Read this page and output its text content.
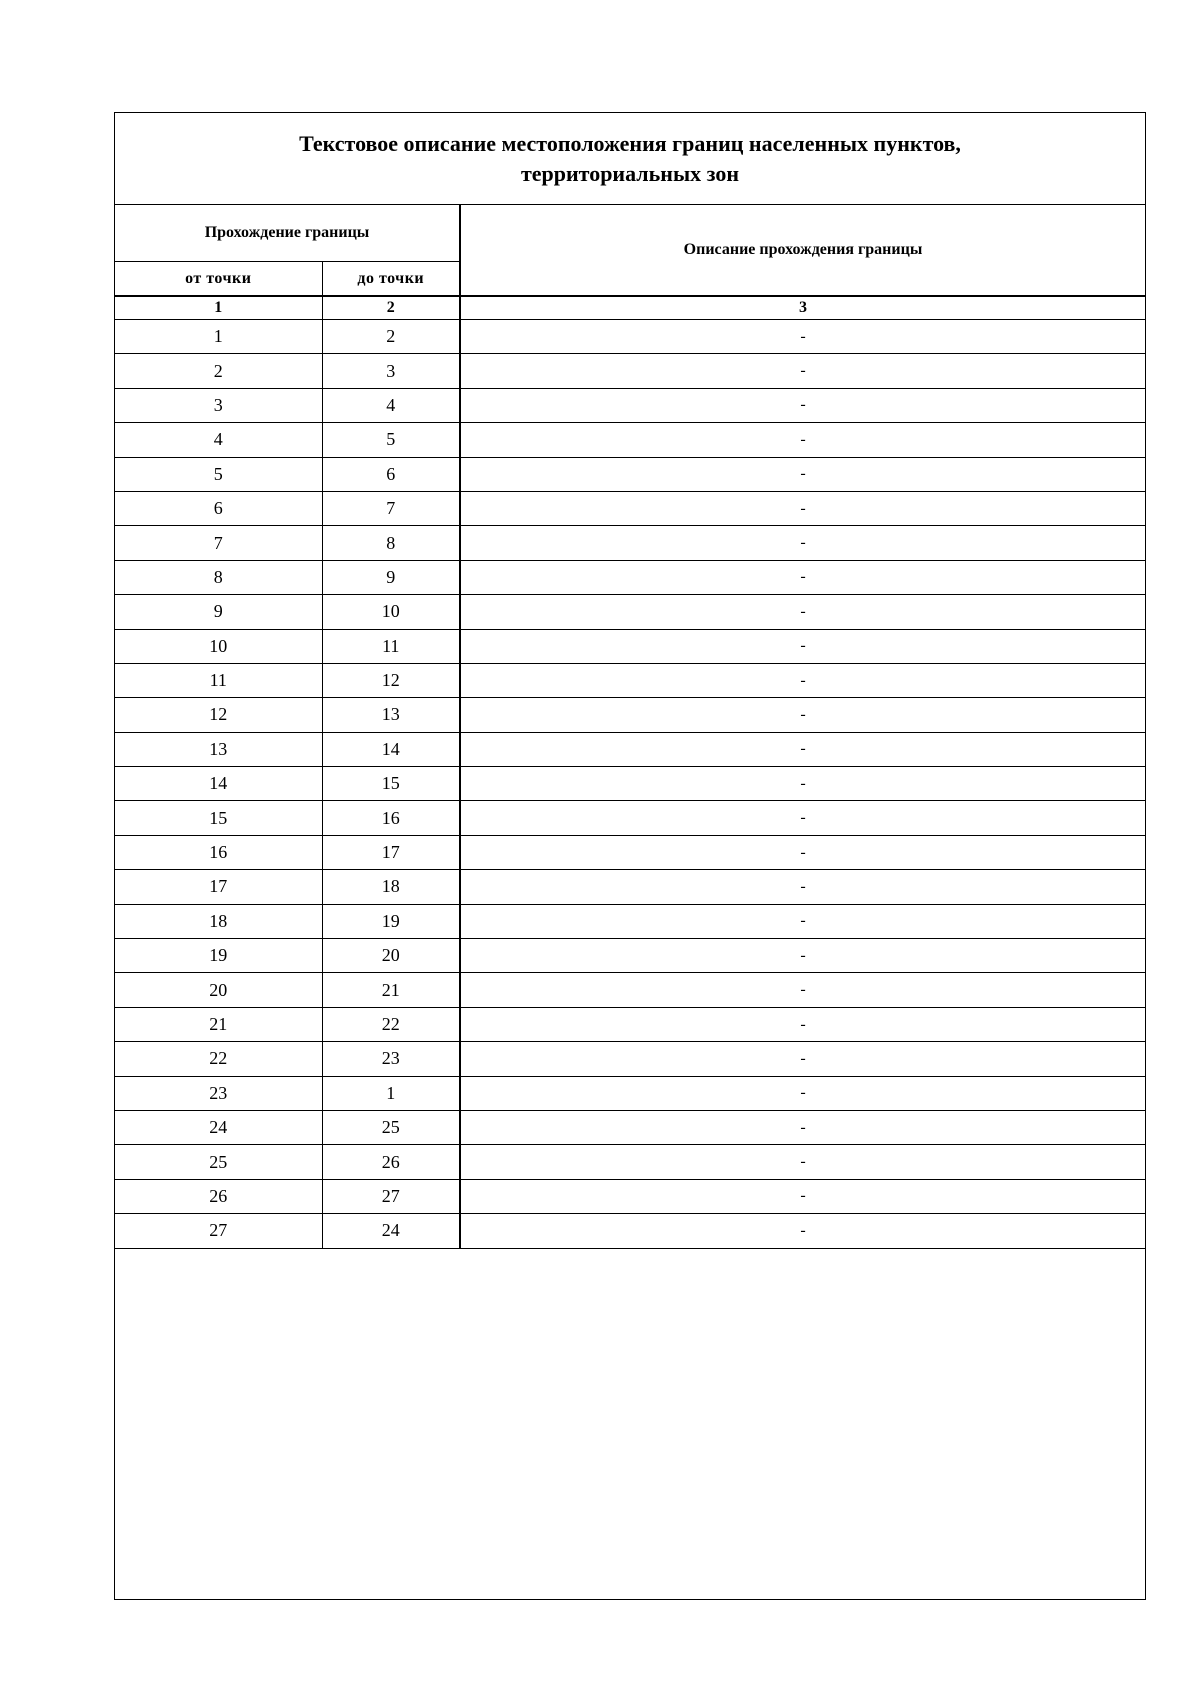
Текстовое описание местоположения границ населенных пунктов,
территориальных зон
Прохождение границы		Описание прохождения границы
от точки	до точки	
1	2	3
1	2	-
2	3	-
3	4	-
4	5	-
5	6	-
6	7	-
7	8	-
8	9	-
9	10	-
10	11	-
11	12	-
12	13	-
13	14	-
14	15	-
15	16	-
16	17	-
17	18	-
18	19	-
19	20	-
20	21	-
21	22	-
22	23	-
23	1	-
24	25	-
25	26	-
26	27	-
27	24	-
